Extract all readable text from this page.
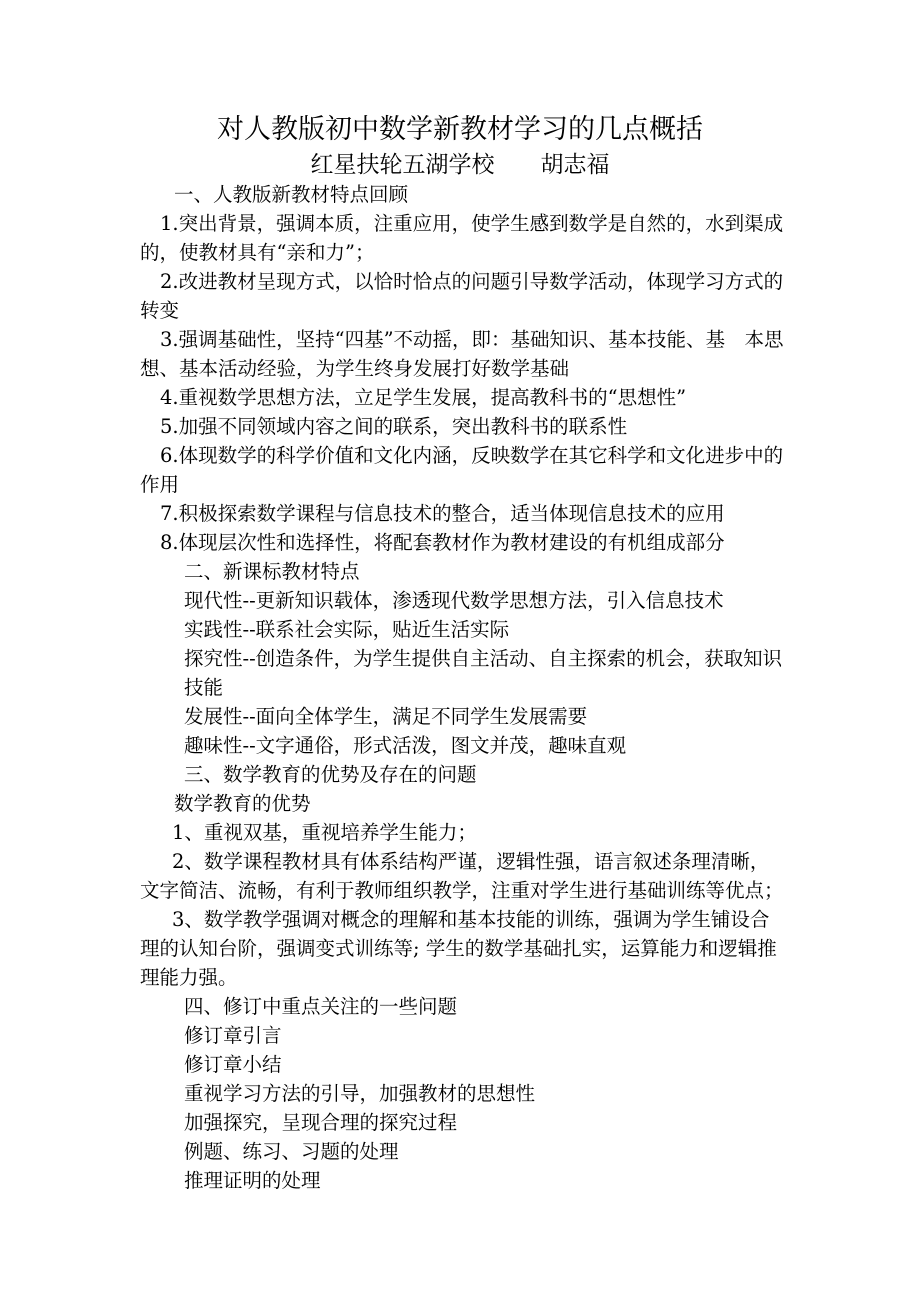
对人教版初中数学新教材学习的几点概括
红星扶轮五湖学校　　胡志福

一、人教版新教材特点回顾

1.突出背景，强调本质，注重应用，使学生感到数学是自然的，水到渠成的，使教材具有“亲和力”；

2.改进教材呈现方式，以恰时恰点的问题引导数学活动，体现学习方式的转变

3.强调基础性，坚持“四基”不动摇，即：基础知识、基本技能、基　本思想、基本活动经验，为学生终身发展打好数学基础

4.重视数学思想方法，立足学生发展，提高教科书的“思想性”

5.加强不同领域内容之间的联系，突出教科书的联系性

6.体现数学的科学价值和文化内涵，反映数学在其它科学和文化进步中的作用

7.积极探索数学课程与信息技术的整合，适当体现信息技术的应用

8.体现层次性和选择性，将配套教材作为教材建设的有机组成部分

二、新课标教材特点

现代性--更新知识载体，渗透现代数学思想方法，引入信息技术

实践性--联系社会实际，贴近生活实际

探究性--创造条件，为学生提供自主活动、自主探索的机会，获取知识技能

发展性--面向全体学生，满足不同学生发展需要

趣味性--文字通俗，形式活泼，图文并茂，趣味直观

三、数学教育的优势及存在的问题

数学教育的优势

1、重视双基，重视培养学生能力；

2、数学课程教材具有体系结构严谨，逻辑性强，语言叙述条理清晰，文字简洁、流畅，有利于教师组织教学，注重对学生进行基础训练等优点；

3、数学教学强调对概念的理解和基本技能的训练，强调为学生铺设合理的认知台阶，强调变式训练等; 学生的数学基础扎实，运算能力和逻辑推理能力强。

四、修订中重点关注的一些问题

修订章引言

修订章小结

重视学习方法的引导，加强教材的思想性

加强探究，呈现合理的探究过程

例题、练习、习题的处理

推理证明的处理
